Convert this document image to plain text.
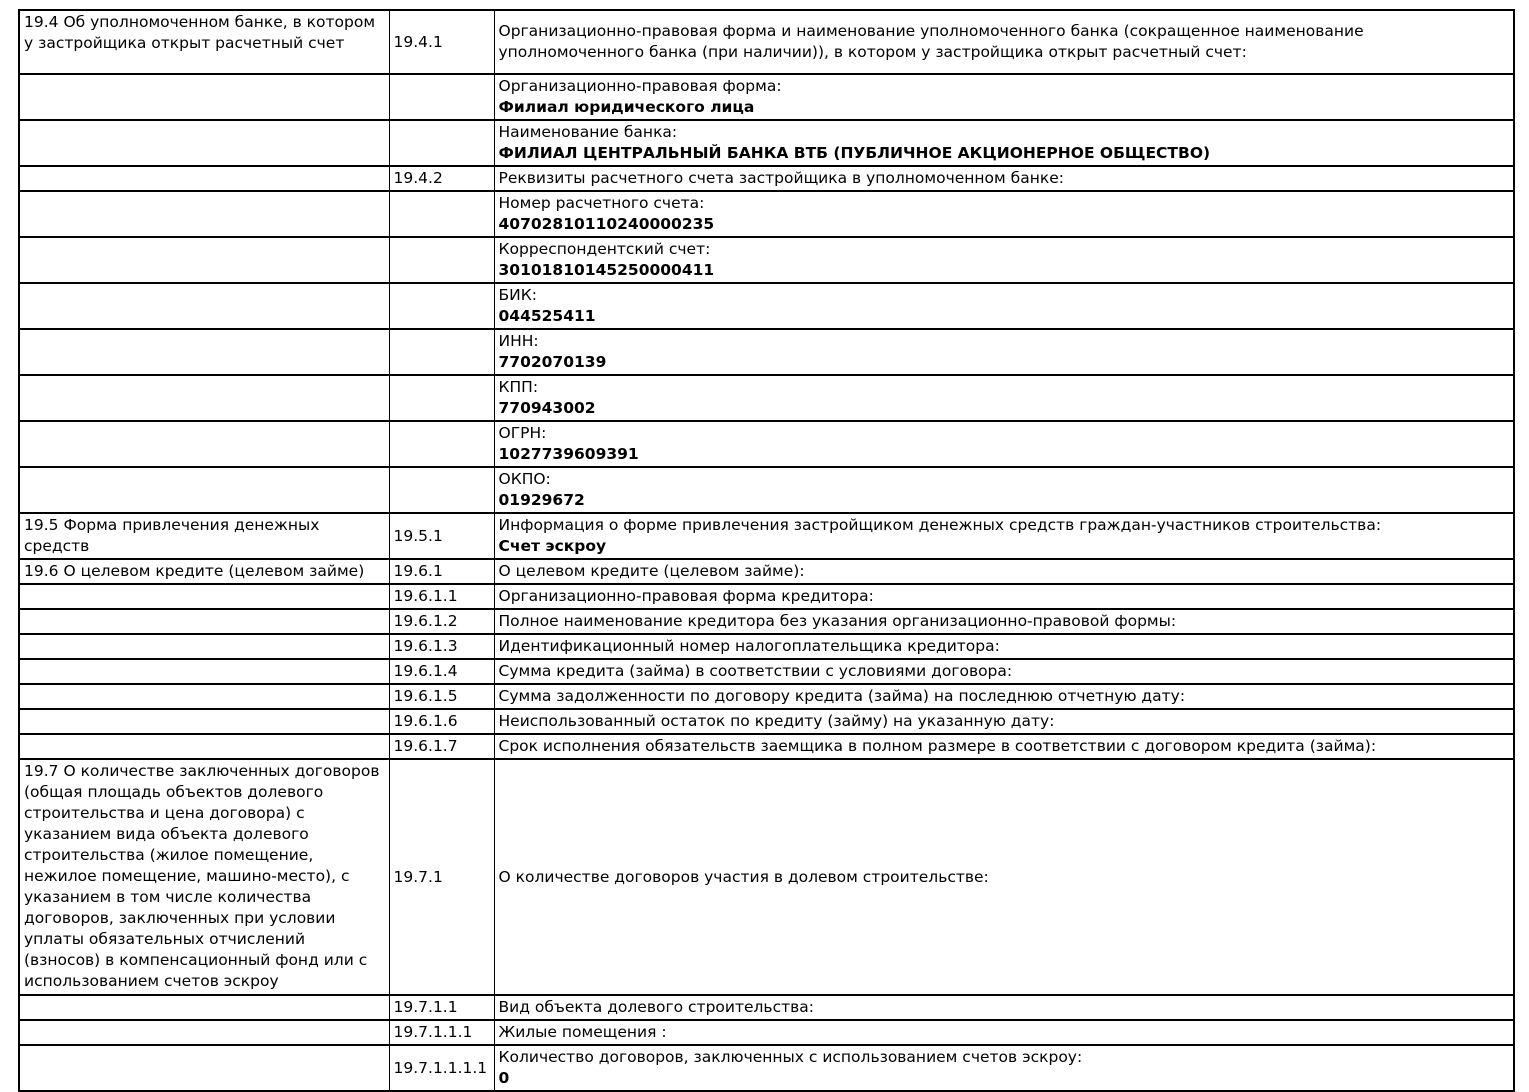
19.4 Об уполномоченном банке, в котором у застройщика открыт расчетный счет	19.4.1	Организационно-правовая форма и наименование уполномоченного банка (сокращенное наименование уполномоченного банка (при наличии)), в котором у застройщика открыт расчетный счет:

		Организационно-правовая форма:
Филиал юридического лица

		Наименование банка:
ФИЛИАЛ ЦЕНТРАЛЬНЫЙ БАНКА ВТБ (ПУБЛИЧНОЕ АКЦИОНЕРНОЕ ОБЩЕСТВО)

	19.4.2	Реквизиты расчетного счета застройщика в уполномоченном банке:

		Номер расчетного счета:
40702810110240000235

		Корреспондентский счет:
30101810145250000411

		БИК:
044525411

		ИНН:
7702070139

		КПП:
770943002

		ОГРН:
1027739609391

		ОКПО:
01929672

19.5 Форма привлечения денежных средств	19.5.1	Информация о форме привлечения застройщиком денежных средств граждан-участников строительства:
Счет эскроу

19.6 О целевом кредите (целевом займе)	19.6.1	О целевом кредите (целевом займе):

	19.6.1.1	Организационно-правовая форма кредитора:

	19.6.1.2	Полное наименование кредитора без указания организационно-правовой формы:

	19.6.1.3	Идентификационный номер налогоплательщика кредитора:

	19.6.1.4	Сумма кредита (займа) в соответствии с условиями договора:

	19.6.1.5	Сумма задолженности по договору кредита (займа) на последнюю отчетную дату:

	19.6.1.6	Неиспользованный остаток по кредиту (займу) на указанную дату:

	19.6.1.7	Срок исполнения обязательств заемщика в полном размере в соответствии с договором кредита (займа):

19.7 О количестве заключенных договоров (общая площадь объектов долевого строительства и цена договора) с указанием вида объекта долевого строительства (жилое помещение, нежилое помещение, машино-место), с указанием в том числе количества договоров, заключенных при условии уплаты обязательных отчислений (взносов) в компенсационный фонд или с использованием счетов эскроу	19.7.1	О количестве договоров участия в долевом строительстве:

	19.7.1.1	Вид объекта долевого строительства:

	19.7.1.1.1	Жилые помещения :

	19.7.1.1.1.1	Количество договоров, заключенных с использованием счетов эскроу:
0
